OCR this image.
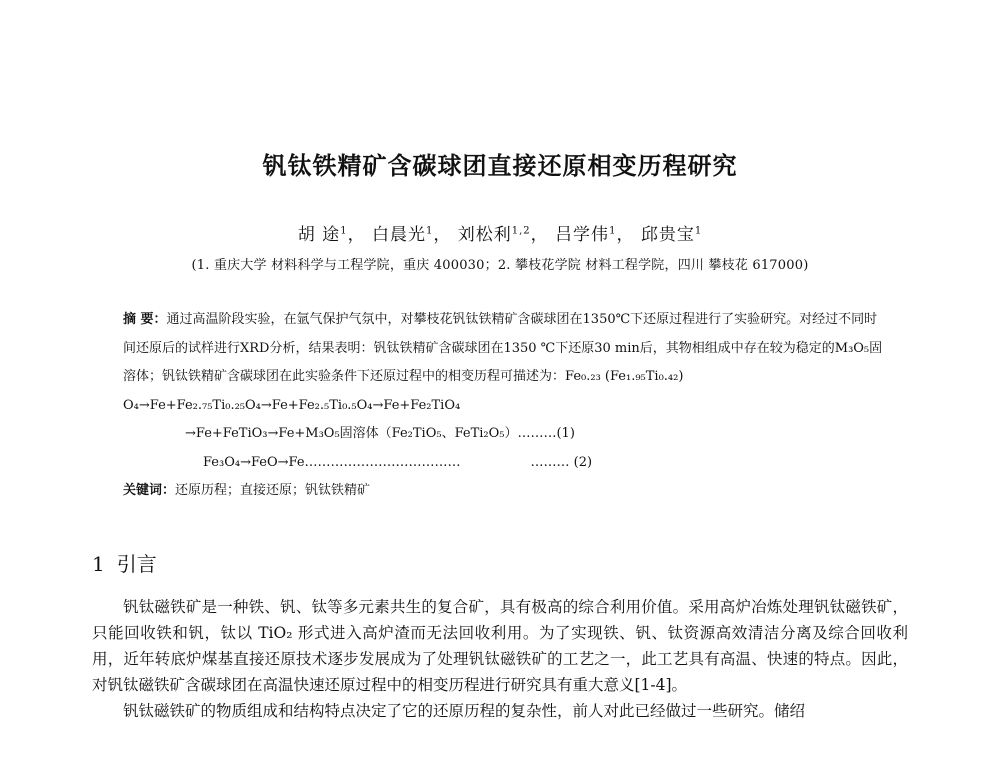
钒钛铁精矿含碳球团直接还原相变历程研究
胡 途$^1$， 白晨光$^1$， 刘松利$^{1,2}$， 吕学伟$^1$， 邱贵宝$^1$
(1. 重庆大学 材料科学与工程学院，重庆 400030；2. 攀枝花学院 材料工程学院，四川 攀枝花 617000)
摘 要：通过高温阶段实验，在氩气保护气氛中，对攀枝花钒钛铁精矿含碳球团在1350℃下还原过程进行了实验研究。对经过不同时间还原后的试样进行XRD分析，结果表明：钒钛铁精矿含碳球团在1350 ℃下还原30 min后，其物相组成中存在较为稳定的M₃O₅固溶体；钒钛铁精矿含碳球团在此实验条件下还原过程中的相变历程可描述为：Fe₀.₂₃ (Fe₁.₉₅Ti₀.₄₂) O₄→Fe+Fe₂.₇₅Ti₀.₂₅O₄→Fe+Fe₂.₅Ti₀.₅O₄→Fe+Fe₂TiO₄
→Fe+FeTiO₃→Fe+M₃O₅固溶体（Fe₂TiO₅、FeTi₂O₅）………(1)
Fe₃O₄→FeO→Fe………………………………	……… (2)
关键词：还原历程；直接还原；钒钛铁精矿
1 引言

钒钛磁铁矿是一种铁、钒、钛等多元素共生的复合矿，具有极高的综合利用价值。采用高炉冶炼处理钒钛磁铁矿，只能回收铁和钒，钛以 TiO₂ 形式进入高炉渣而无法回收利用。为了实现铁、钒、钛资源高效清洁分离及综合回收利用，近年转底炉煤基直接还原技术逐步发展成为了处理钒钛磁铁矿的工艺之一，此工艺具有高温、快速的特点。因此，对钒钛磁铁矿含碳球团在高温快速还原过程中的相变历程进行研究具有重大意义[1-4]。

钒钛磁铁矿的物质组成和结构特点决定了它的还原历程的复杂性，前人对此已经做过一些研究。储绍
